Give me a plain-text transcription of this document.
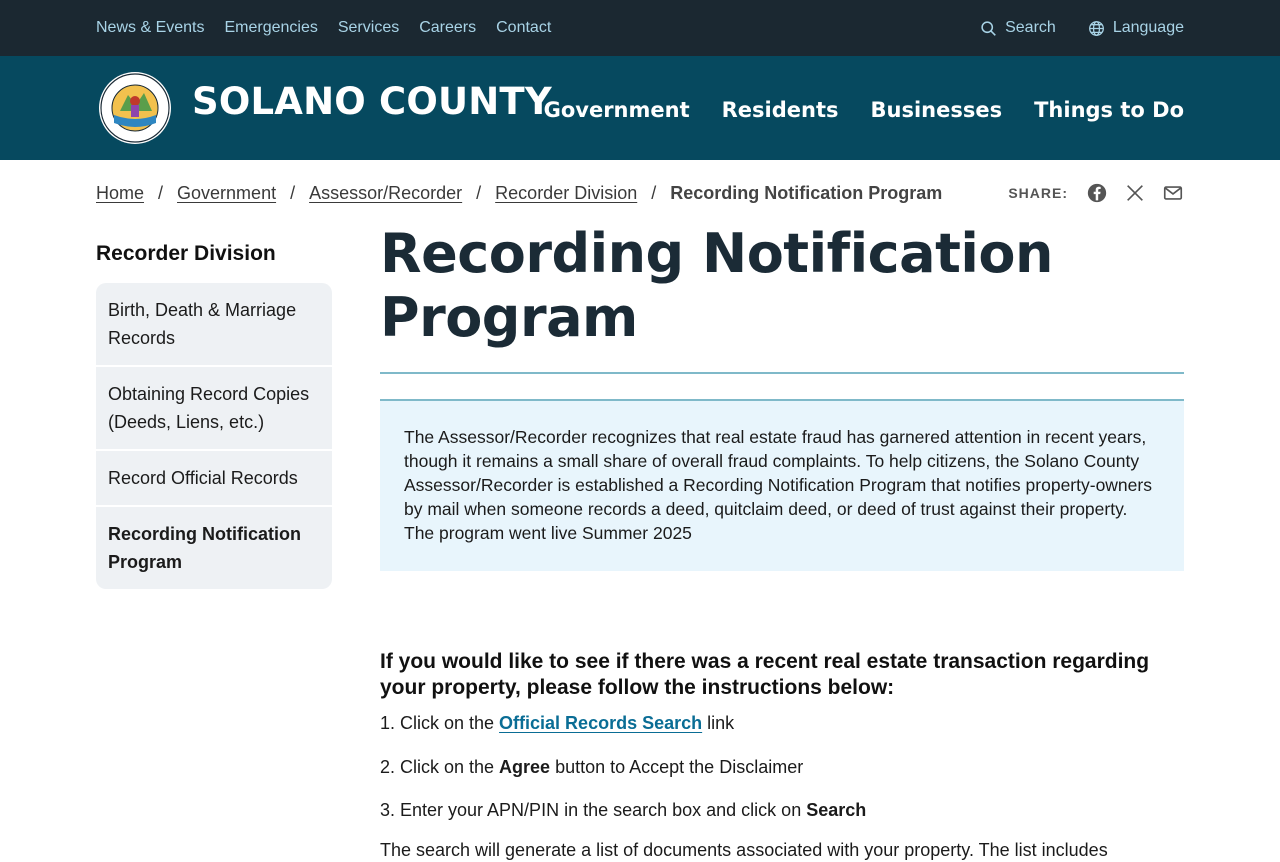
News & Events Emergencies Services Careers Contact	Search	Language
SOLANO COUNTY
Government Residents Businesses Things to Do
Home / Government / Assessor/Recorder / Recorder Division / Recording Notification Program	SHARE:
Recorder Division
Birth, Death & Marriage Records
Obtaining Record Copies (Deeds, Liens, etc.)
Record Official Records
Recording Notification Program
Recording Notification Program
The Assessor/Recorder recognizes that real estate fraud has garnered attention in recent years, though it remains a small share of overall fraud complaints. To help citizens, the Solano County Assessor/Recorder is established a Recording Notification Program that notifies property-owners by mail when someone records a deed, quitclaim deed, or deed of trust against their property. The program went live Summer 2025
If you would like to see if there was a recent real estate transaction regarding your property, please follow the instructions below:
1. Click on the Official Records Search link
2. Click on the Agree button to Accept the Disclaimer
3. Enter your APN/PIN in the search box and click on Search

The search will generate a list of documents associated with your property. The list includes
